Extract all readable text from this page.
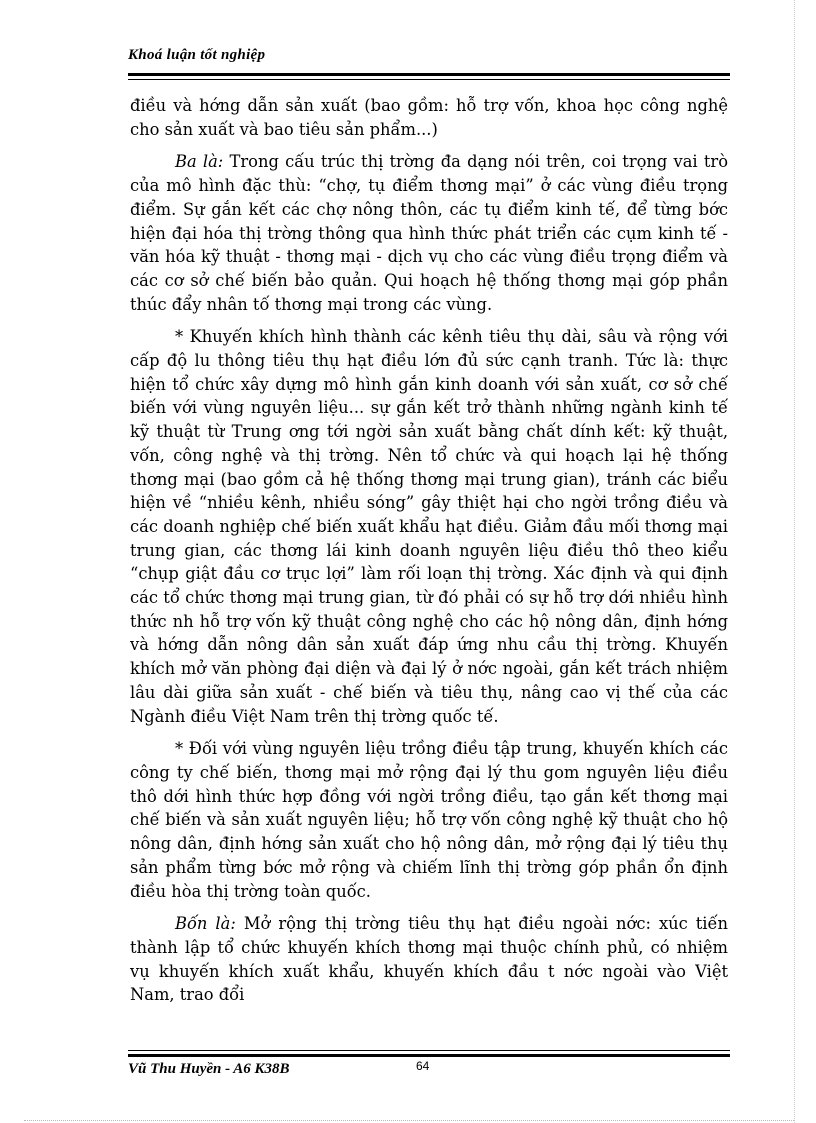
Khoá luận tốt nghiệp

điều và hớng dẫn sản xuất (bao gồm: hỗ trợ vốn, khoa học công nghệ cho sản xuất và bao tiêu sản phẩm...)

Ba là: Trong cấu trúc thị trờng đa dạng nói trên, coi trọng vai trò của mô hình đặc thù: “chợ, tụ điểm thơng mại” ở các vùng điều trọng điểm. Sự gắn kết các chợ nông thôn, các tụ điểm kinh tế, để từng bớc hiện đại hóa thị trờng thông qua hình thức phát triển các cụm kinh tế - văn hóa kỹ thuật - thơng mại - dịch vụ cho các vùng điều trọng điểm và các cơ sở chế biến bảo quản. Qui hoạch hệ thống thơng mại góp phần thúc đẩy nhân tố thơng mại trong các vùng.

* Khuyến khích hình thành các kênh tiêu thụ dài, sâu và rộng với cấp độ lu thông tiêu thụ hạt điều lớn đủ sức cạnh tranh. Tức là: thực hiện tổ chức xây dựng mô hình gắn kinh doanh với sản xuất, cơ sở chế biến với vùng nguyên liệu... sự gắn kết trở thành những ngành kinh tế kỹ thuật từ Trung ơng tới ngời sản xuất bằng chất dính kết: kỹ thuật, vốn, công nghệ và thị trờng. Nên tổ chức và qui hoạch lại hệ thống thơng mại (bao gồm cả hệ thống thơng mại trung gian), tránh các biểu hiện về “nhiều kênh, nhiều sóng” gây thiệt hại cho ngời trồng điều và các doanh nghiệp chế biến xuất khẩu hạt điều. Giảm đầu mối thơng mại trung gian, các thơng lái kinh doanh nguyên liệu điều thô theo kiểu “chụp giật đầu cơ trục lợi” làm rối loạn thị trờng. Xác định và qui định các tổ chức thơng mại trung gian, từ đó phải có sự hỗ trợ dới nhiều hình thức nh hỗ trợ vốn kỹ thuật công nghệ cho các hộ nông dân, định hớng và hớng dẫn nông dân sản xuất đáp ứng nhu cầu thị trờng. Khuyến khích mở văn phòng đại diện và đại lý ở nớc ngoài, gắn kết trách nhiệm lâu dài giữa sản xuất - chế biến và tiêu thụ, nâng cao vị thế của các Ngành điều Việt Nam trên thị trờng quốc tế.

* Đối với vùng nguyên liệu trồng điều tập trung, khuyến khích các công ty chế biến, thơng mại mở rộng đại lý thu gom nguyên liệu điều thô dới hình thức hợp đồng với ngời trồng điều, tạo gắn kết thơng mại chế biến và sản xuất nguyên liệu; hỗ trợ vốn công nghệ kỹ thuật cho hộ nông dân, định hớng sản xuất cho hộ nông dân, mở rộng đại lý tiêu thụ sản phẩm từng bớc mở rộng và chiếm lĩnh thị trờng góp phần ổn định điều hòa thị trờng toàn quốc.

Bốn là: Mở rộng thị trờng tiêu thụ hạt điều ngoài nớc: xúc tiến thành lập tổ chức khuyến khích thơng mại thuộc chính phủ, có nhiệm vụ khuyến khích xuất khẩu, khuyến khích đầu t nớc ngoài vào Việt Nam, trao đổi

Vũ Thu Huyền - A6 K38B	64
